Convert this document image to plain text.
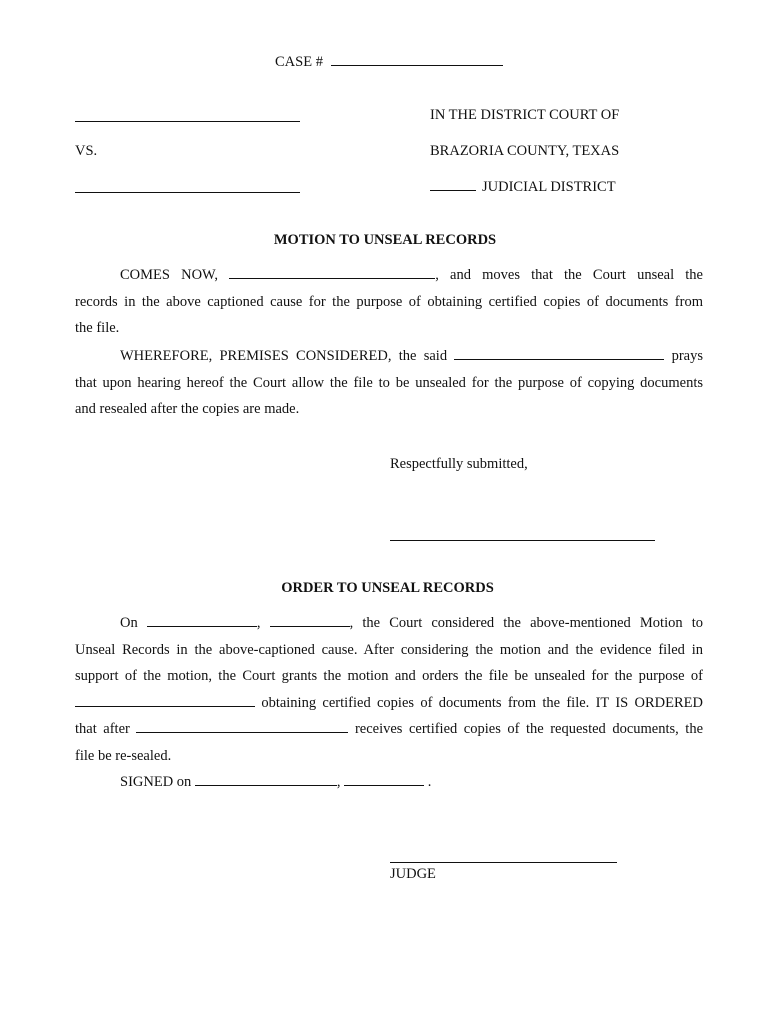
CASE #
IN THE DISTRICT COURT OF
VS.	BRAZORIA COUNTY, TEXAS
JUDICIAL DISTRICT
MOTION TO UNSEAL RECORDS
COMES NOW,	, and moves that the Court unseal the
records in the above captioned cause for the purpose of obtaining certified copies of documents from
the file.
WHEREFORE, PREMISES CONSIDERED, the said	prays
that upon hearing hereof the Court allow the file to be unsealed for the purpose of copying documents
and resealed after the copies are made.
Respectfully submitted,
ORDER TO UNSEAL RECORDS
On	,	, the Court considered the above-mentioned Motion to
Unseal Records in the above-captioned cause. After considering the motion and the evidence filed in
support of the motion, the Court grants the motion and orders the file be unsealed for the purpose of
obtaining certified copies of documents from the file. IT IS ORDERED
that after	receives certified copies of the requested documents, the
file be re-sealed.
SIGNED on	,	.
JUDGE
